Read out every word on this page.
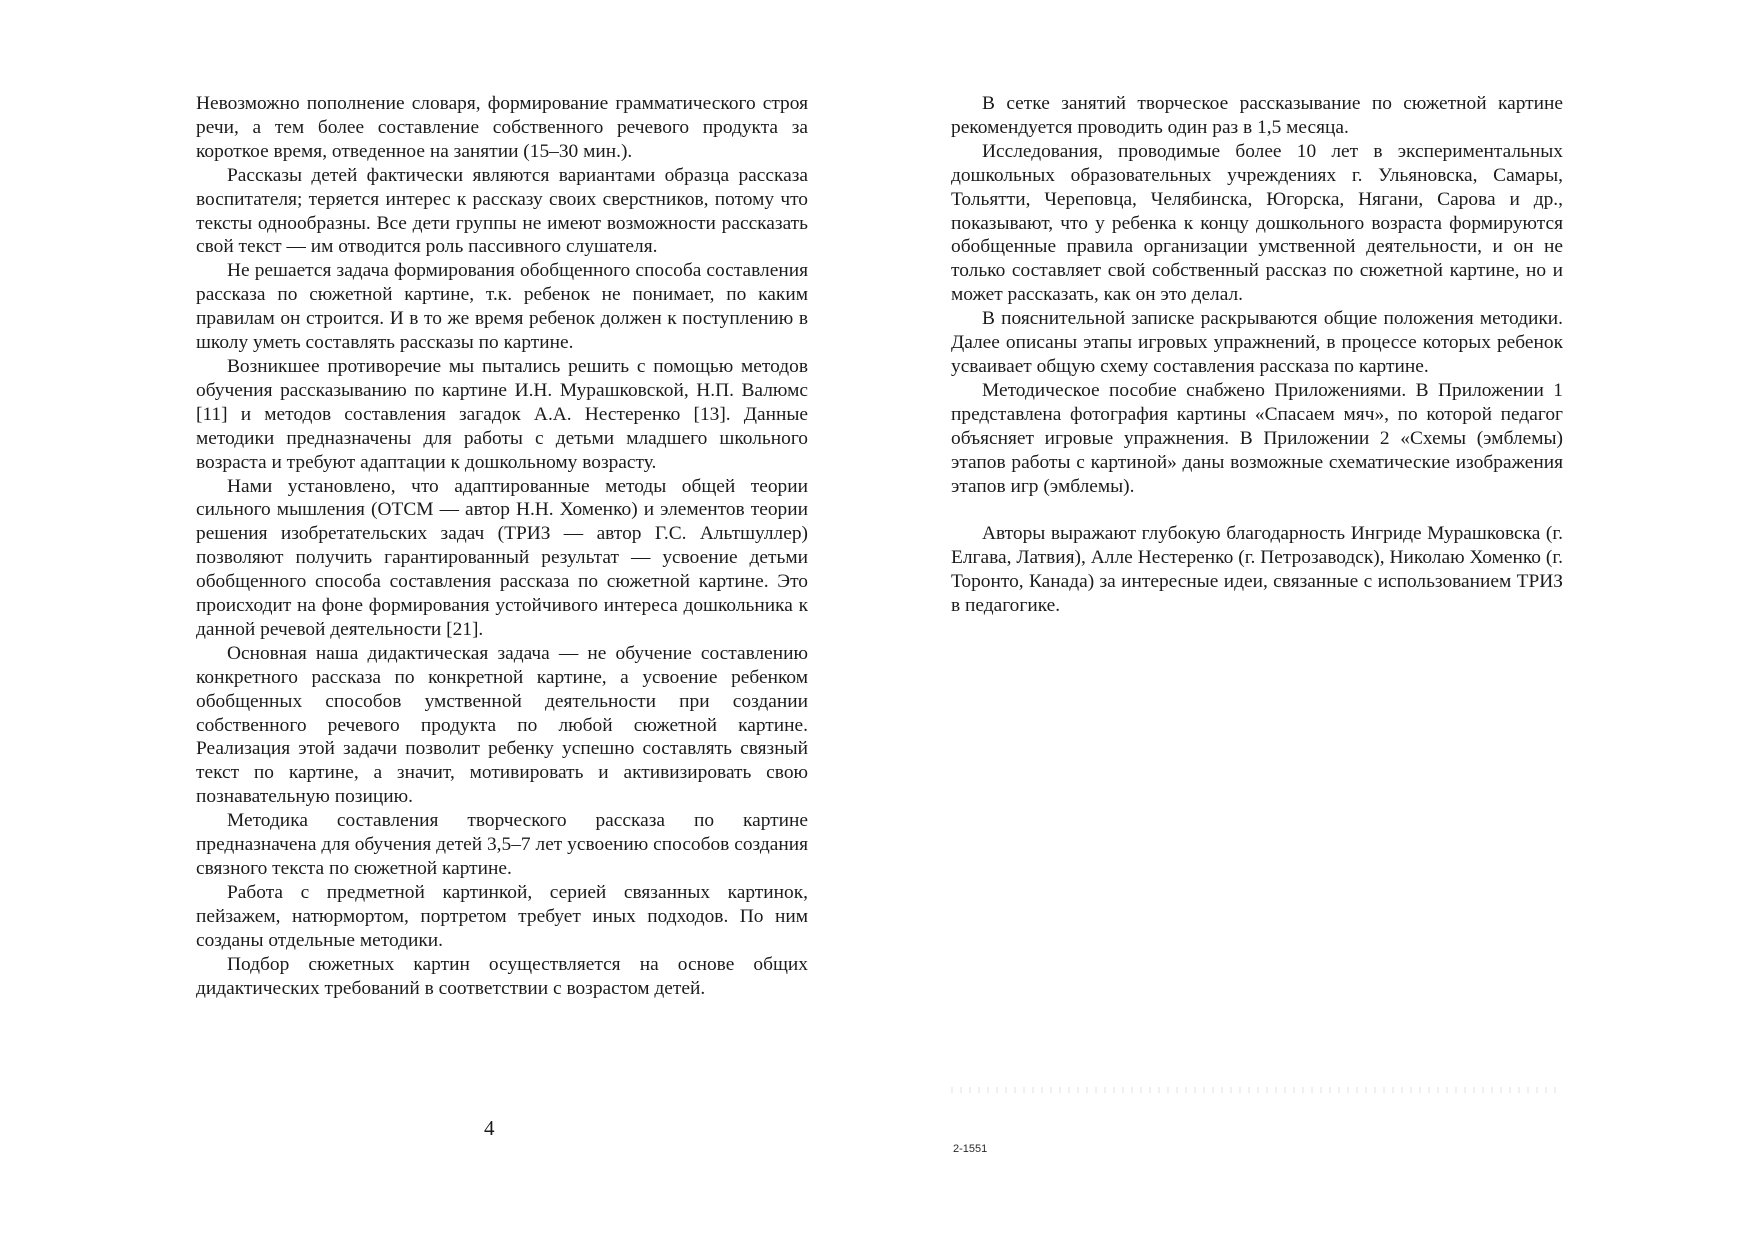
Невозможно пополнение словаря, формирование грамматического строя речи, а тем более составление собственного речевого продукта за короткое время, отведенное на занятии (15–30 мин.).

Рассказы детей фактически являются вариантами образца рассказа воспитателя; теряется интерес к рассказу своих сверстников, потому что тексты однообразны. Все дети группы не имеют возможности рассказать свой текст — им отводится роль пассивного слушателя.

Не решается задача формирования обобщенного способа составления рассказа по сюжетной картине, т.к. ребенок не понимает, по каким правилам он строится. И в то же время ребенок должен к поступлению в школу уметь составлять рассказы по картине.

Возникшее противоречие мы пытались решить с помощью методов обучения рассказыванию по картине И.Н. Мурашковской, Н.П. Валюмс [11] и методов составления загадок А.А. Нестеренко [13]. Данные методики предназначены для работы с детьми младшего школьного возраста и требуют адаптации к дошкольному возрасту.

Нами установлено, что адаптированные методы общей теории сильного мышления (ОТСМ — автор Н.Н. Хоменко) и элементов теории решения изобретательских задач (ТРИЗ — автор Г.С. Альтшуллер) позволяют получить гарантированный результат — усвоение детьми обобщенного способа составления рассказа по сюжетной картине. Это происходит на фоне формирования устойчивого интереса дошкольника к данной речевой деятельности [21].

Основная наша дидактическая задача — не обучение составлению конкретного рассказа по конкретной картине, а усвоение ребенком обобщенных способов умственной деятельности при создании собственного речевого продукта по любой сюжетной картине. Реализация этой задачи позволит ребенку успешно составлять связный текст по картине, а значит, мотивировать и активизировать свою познавательную позицию.

Методика составления творческого рассказа по картине предназначена для обучения детей 3,5–7 лет усвоению способов создания связного текста по сюжетной картине.

Работа с предметной картинкой, серией связанных картинок, пейзажем, натюрмортом, портретом требует иных подходов. По ним созданы отдельные методики.

Подбор сюжетных картин осуществляется на основе общих дидактических требований в соответствии с возрастом детей.

4

В сетке занятий творческое рассказывание по сюжетной картине рекомендуется проводить один раз в 1,5 месяца.

Исследования, проводимые более 10 лет в экспериментальных дошкольных образовательных учреждениях г. Ульяновска, Самары, Тольятти, Череповца, Челябинска, Югорска, Нягани, Сарова и др., показывают, что у ребенка к концу дошкольного возраста формируются обобщенные правила организации умственной деятельности, и он не только составляет свой собственный рассказ по сюжетной картине, но и может рассказать, как он это делал.

В пояснительной записке раскрываются общие положения методики. Далее описаны этапы игровых упражнений, в процессе которых ребенок усваивает общую схему составления рассказа по картине.

Методическое пособие снабжено Приложениями. В Приложении 1 представлена фотография картины «Спасаем мяч», по которой педагог объясняет игровые упражнения. В Приложении 2 «Схемы (эмблемы) этапов работы с картиной» даны возможные схематические изображения этапов игр (эмблемы).

Авторы выражают глубокую благодарность Ингриде Мурашковска (г. Елгава, Латвия), Алле Нестеренко (г. Петрозаводск), Николаю Хоменко (г. Торонто, Канада) за интересные идеи, связанные с использованием ТРИЗ в педагогике.

2-1551
